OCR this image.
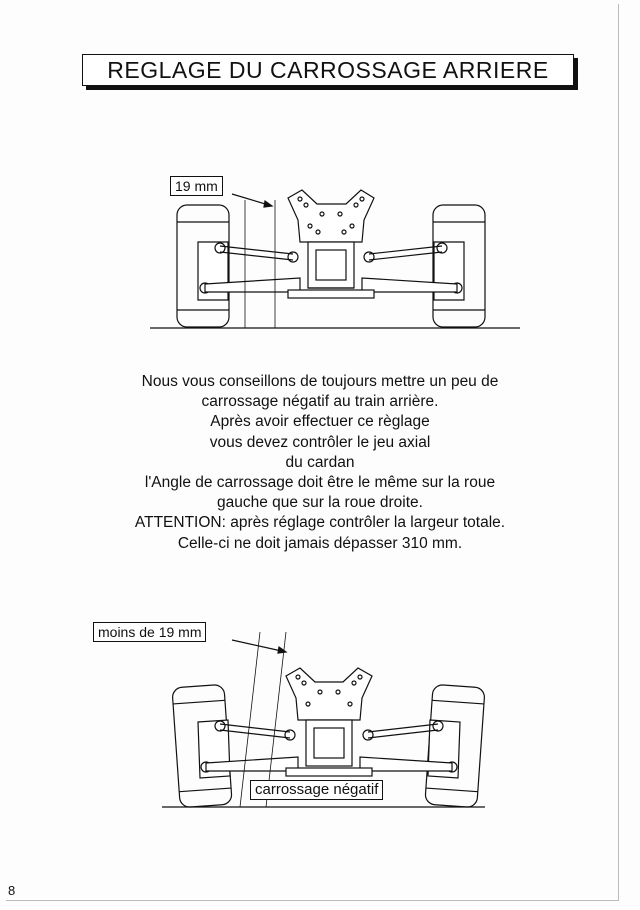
REGLAGE DU CARROSSAGE ARRIERE
19 mm
Nous vous conseillons de toujours mettre un peu de
carrossage négatif au train arrière.
Après avoir effectuer ce règlage
vous devez contrôler le jeu axial
du cardan
l'Angle de carrossage doit être le même sur la roue
gauche que sur la roue droite.
ATTENTION: après réglage contrôler la largeur totale.
Celle-ci ne doit jamais dépasser 310 mm.
moins de 19 mm
carrossage négatif
8
